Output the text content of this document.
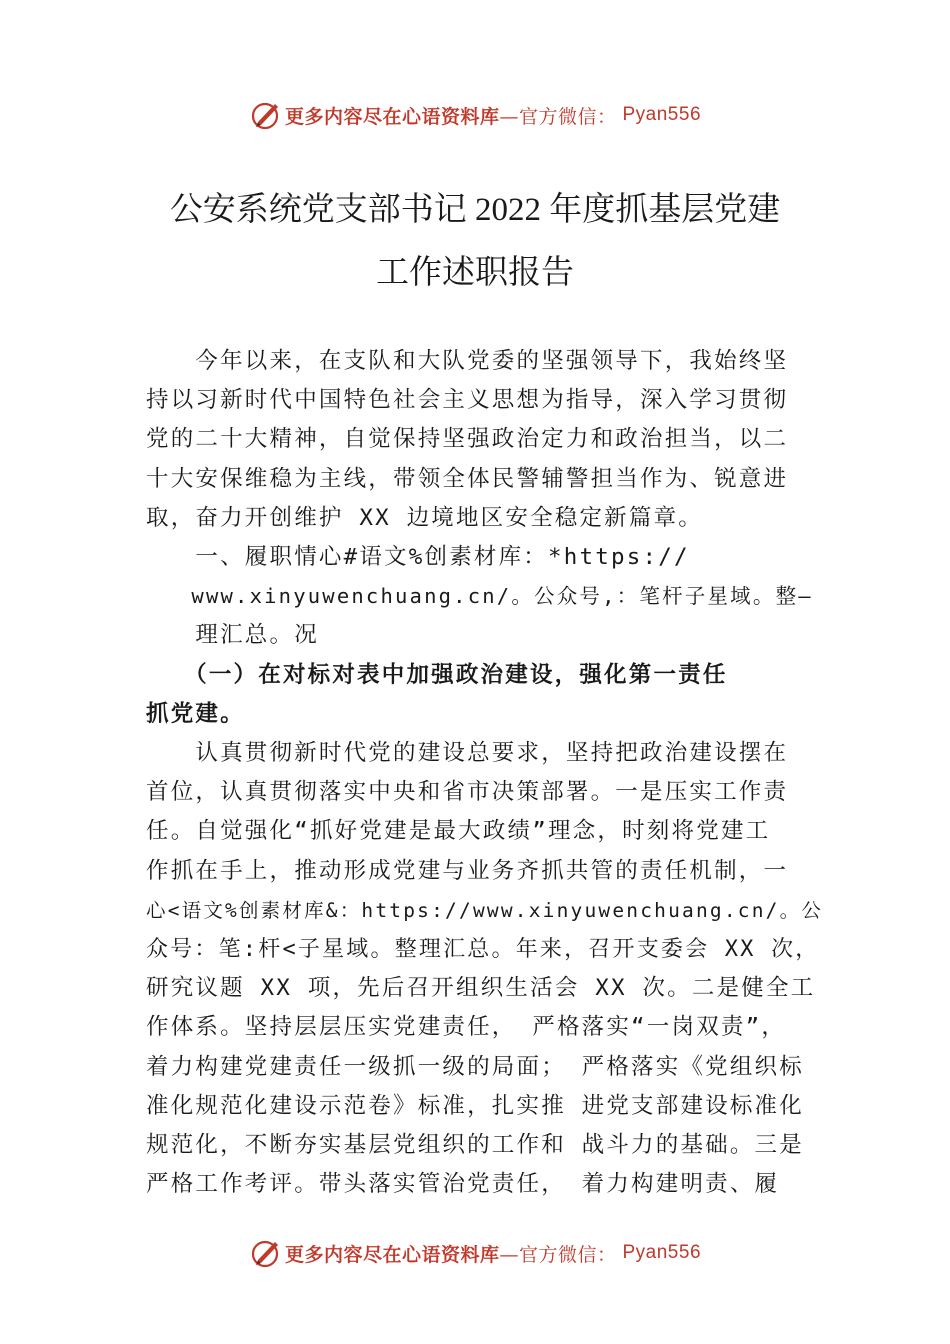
更多内容尽在心语资料库 —官方微信： Pyan556
公安系统党支部书记 2022 年度抓基层党建
工作述职报告
　　今年以来，在支队和大队党委的坚强领导下，我始终坚
持以习新时代中国特色社会主义思想为指导，深入学习贯彻
党的二十大精神，自觉保持坚强政治定力和政治担当，以二
十大安保维稳为主线，带领全体民警辅警担当作为、锐意进
取，奋力开创维护 XX 边境地区安全稳定新篇章。
　　一、履职情心#语文%创素材库：*https://
　　www.xinyuwenchuang.cn/。公众号,：笔杆子星域。整—
　　理汇总。况
　　（一）在对标对表中加强政治建设，强化第一责任
抓党建。
　　认真贯彻新时代党的建设总要求，坚持把政治建设摆在
首位，认真贯彻落实中央和省市决策部署。一是压实工作责
任。自觉强化“抓好党建是最大政绩”理念，时刻将党建工
作抓在手上，推动形成党建与业务齐抓共管的责任机制，一
心<语文%创素材库&：https://www.xinyuwenchuang.cn/。公
众号：笔:杆<子星域。整理汇总。年来，召开支委会 XX 次，
研究议题 XX 项，先后召开组织生活会 XX 次。二是健全工
作体系。坚持层层压实党建责任， 严格落实“一岗双责”，
着力构建党建责任一级抓一级的局面； 严格落实《党组织标
准化规范化建设示范卷》标准，扎实推 进党支部建设标准化
规范化，不断夯实基层党组织的工作和 战斗力的基础。三是
严格工作考评。带头落实管治党责任， 着力构建明责、履
更多内容尽在心语资料库 —官方微信： Pyan556
